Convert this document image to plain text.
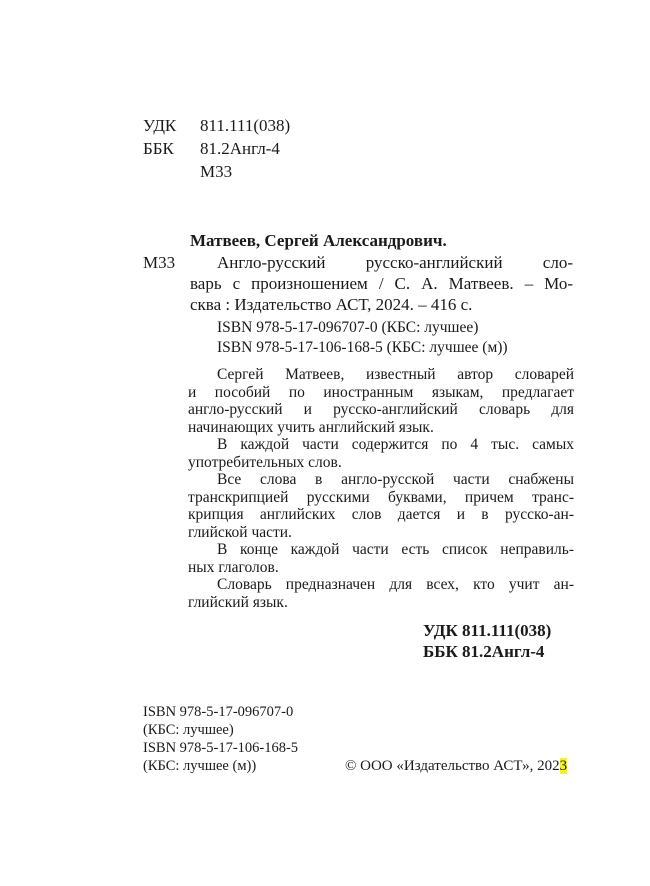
УДК 811.111(038)
ББК 81.2Англ-4
М33
Матвеев, Сергей Александрович.
М33	Англо-русский русско-английский сло-
варь с произношением / С. А. Матвеев. – Мо-
сква : Издательство АСТ, 2024. – 416 с.
ISBN 978-5-17-096707-0 (КБС: лучшее)
ISBN 978-5-17-106-168-5 (КБС: лучшее (м))
Сергей Матвеев, известный автор словарей
и пособий по иностранным языкам, предлагает
англо-русский и русско-английский словарь для
начинающих учить английский язык.
В каждой части содержится по 4 тыс. самых
употребительных слов.
Все слова в англо-русской части снабжены
транскрипцией русскими буквами, причем транс-
крипция английских слов дается и в русско-ан-
глийской части.
В конце каждой части есть список неправиль-
ных глаголов.
Словарь предназначен для всех, кто учит ан-
глийский язык.
УДК 811.111(038)
ББК 81.2Англ-4
ISBN 978-5-17-096707-0
(КБС: лучшее)
ISBN 978-5-17-106-168-5
(КБС: лучшее (м))	© ООО «Издательство АСТ», 2023
